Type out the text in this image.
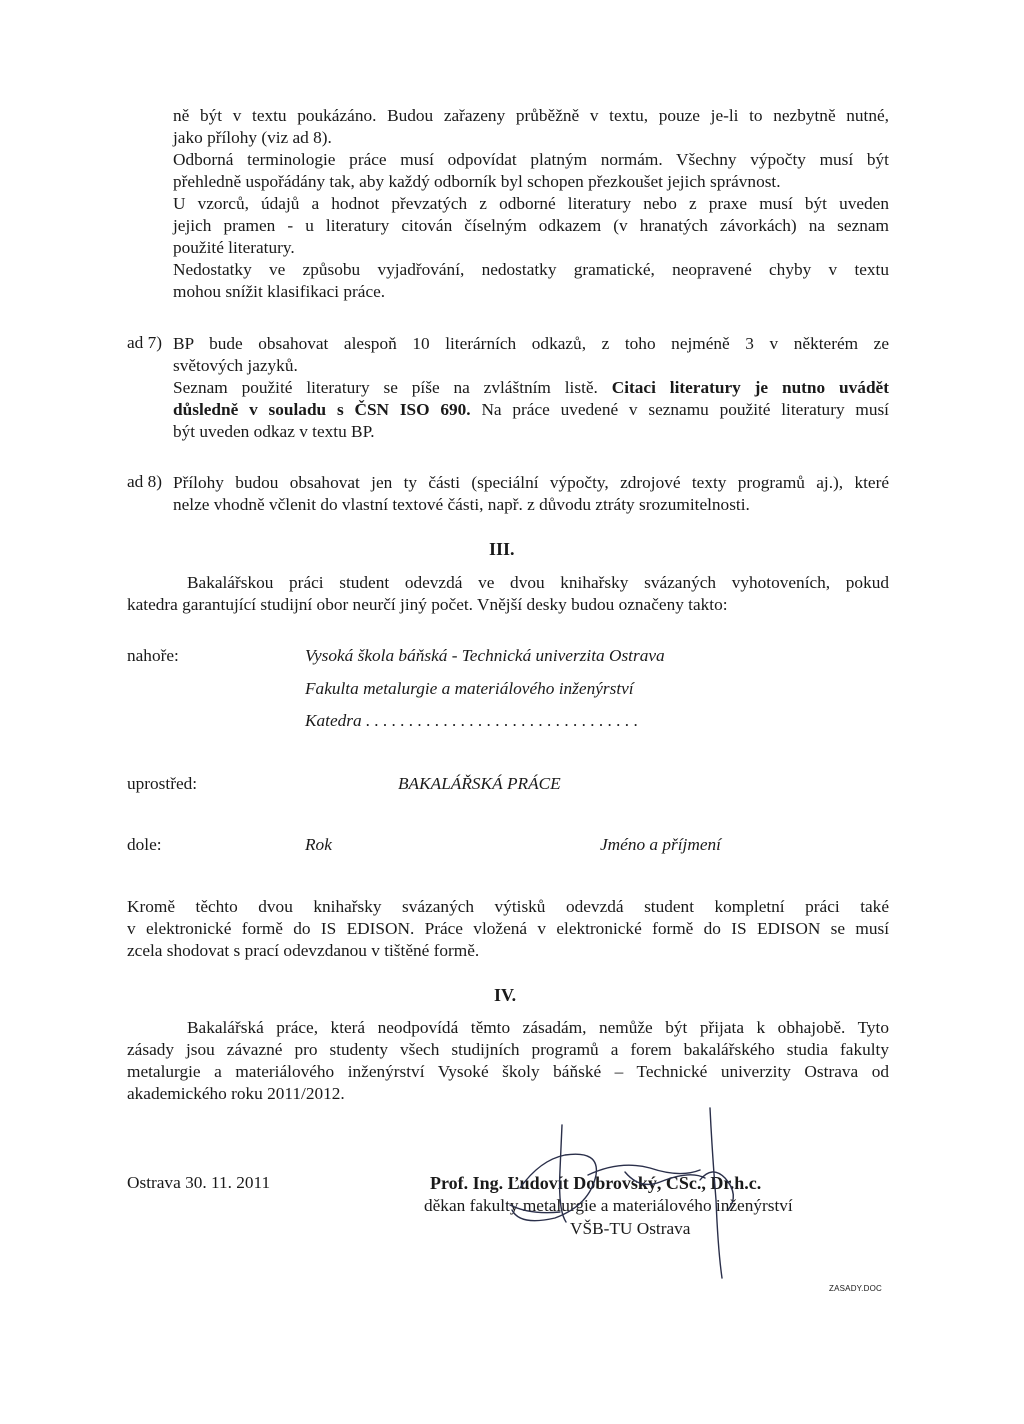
ně být v textu poukázáno. Budou zařazeny průběžně v textu, pouze je-li to nezbytně nutné,
jako přílohy (viz ad 8).
Odborná terminologie práce musí odpovídat platným normám. Všechny výpočty musí být
přehledně uspořádány tak, aby každý odborník byl schopen přezkoušet jejich správnost.
U vzorců, údajů a hodnot převzatých z odborné literatury nebo z praxe musí být uveden
jejich pramen - u literatury citován číselným odkazem (v hranatých závorkách) na seznam
použité literatury.
Nedostatky ve způsobu vyjadřování, nedostatky gramatické, neopravené chyby v textu
mohou snížit klasifikaci práce.
ad 7) BP bude obsahovat alespoň 10 literárních odkazů, z toho nejméně 3 v některém ze
světových jazyků.
Seznam použité literatury se píše na zvláštním listě. Citaci literatury je nutno uvádět
důsledně v souladu s ČSN ISO 690. Na práce uvedené v seznamu použité literatury musí
být uveden odkaz v textu BP.
ad 8) Přílohy budou obsahovat jen ty části (speciální výpočty, zdrojové texty programů aj.), které
nelze vhodně včlenit do vlastní textové části, např. z důvodu ztráty srozumitelnosti.
III.
Bakalářskou práci student odevzdá ve dvou knihařsky svázaných vyhotoveních, pokud
katedra garantující studijní obor neurčí jiný počet. Vnější desky budou označeny takto:
nahoře:	Vysoká škola báňská - Technická univerzita Ostrava
Fakulta metalurgie a materiálového inženýrství
Katedra . . . . . . . . . . . . . . . . . . . . . . . . . . . . . . . .
uprostřed:	BAKALÁŘSKÁ PRÁCE
dole:	Rok	Jméno a příjmení
Kromě těchto dvou knihařsky svázaných výtisků odevzdá student kompletní práci také
v elektronické formě do IS EDISON. Práce vložená v elektronické formě do IS EDISON se musí
zcela shodovat s prací odevzdanou v tištěné formě.
IV.
Bakalářská práce, která neodpovídá těmto zásadám, nemůže být přijata k obhajobě. Tyto
zásady jsou závazné pro studenty všech studijních programů a forem bakalářského studia fakulty
metalurgie a materiálového inženýrství Vysoké školy báňské – Technické univerzity Ostrava od
akademického roku 2011/2012.
Ostrava 30. 11. 2011	Prof. Ing. Ľudovít Dobrovský, CSc., Dr.h.c.
děkan fakulty metalurgie a materiálového inženýrství
VŠB-TU Ostrava
ZASADY.DOC
